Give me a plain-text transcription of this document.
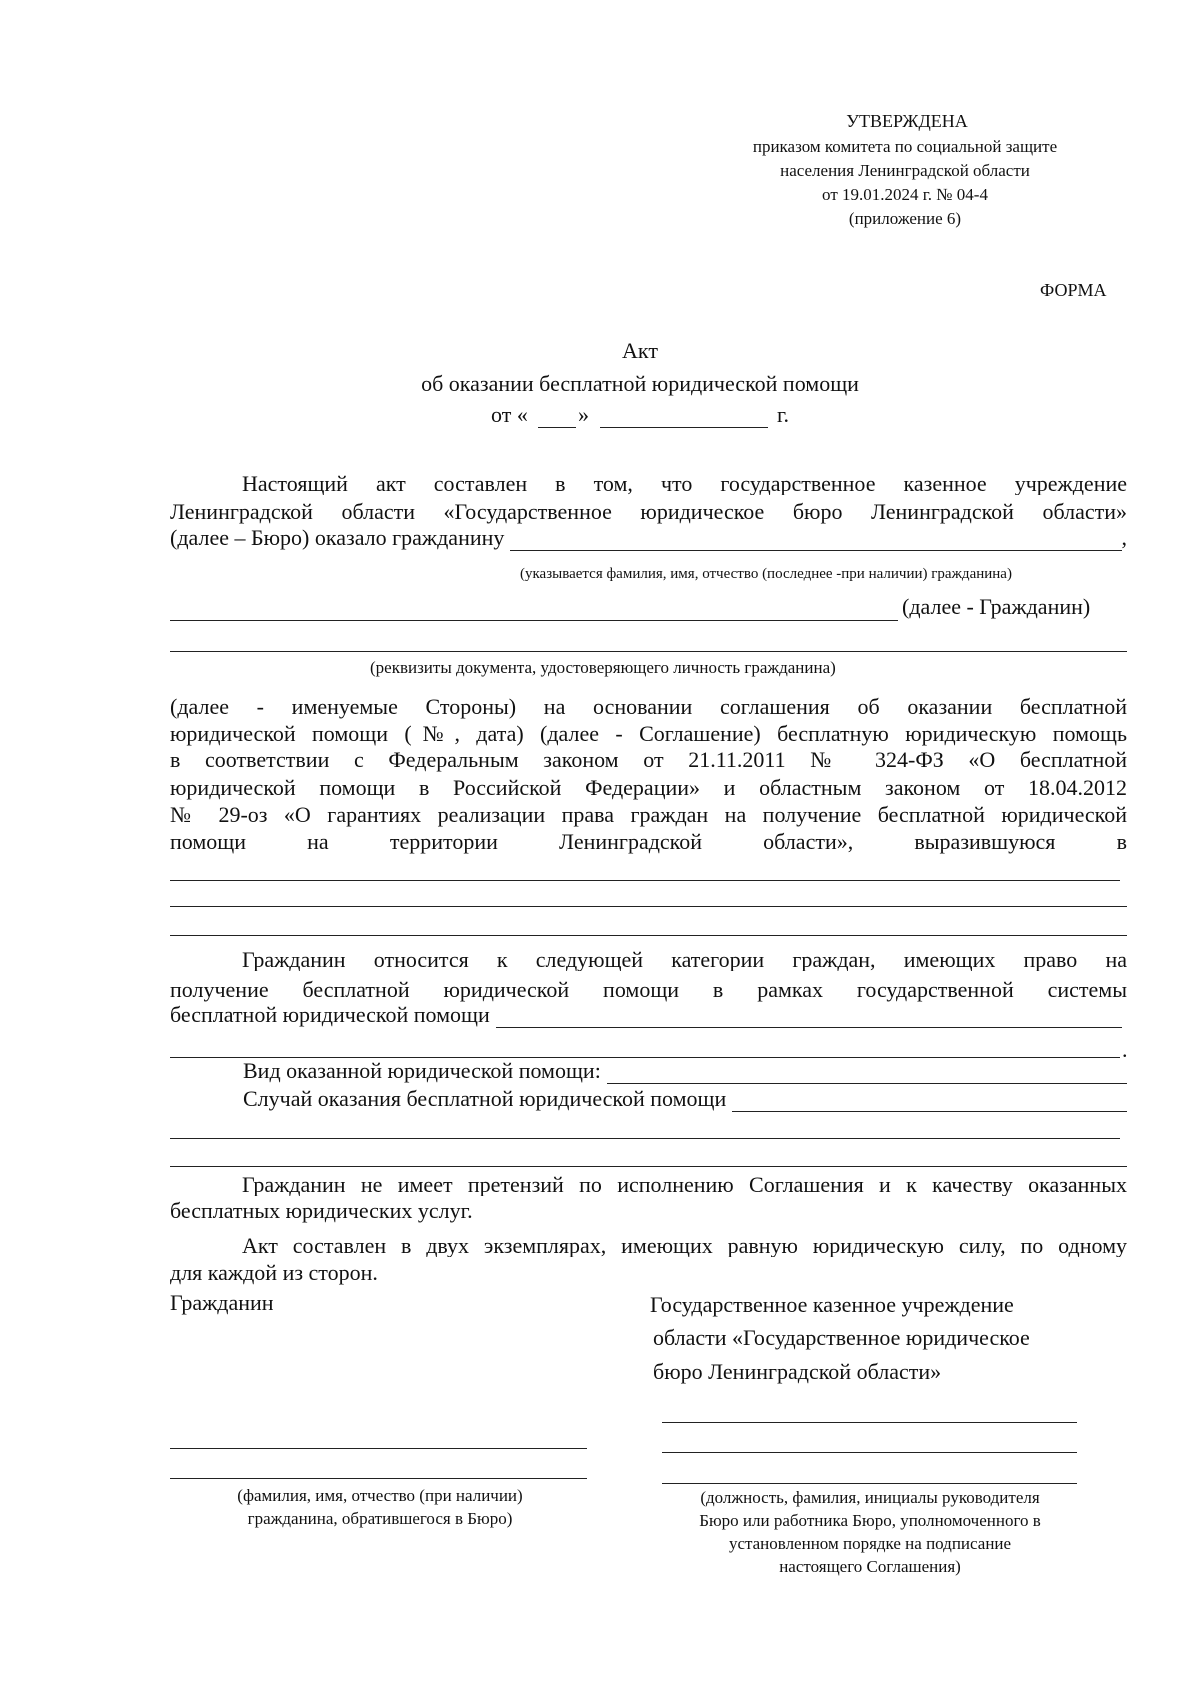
УТВЕРЖДЕНА
приказом комитета по социальной защите
населения Ленинградской области
от 19.01.2024 г. № 04-4
(приложение 6)
ФОРМА
Акт
об оказании бесплатной юридической помощи
от « »	г.
Настоящий акт составлен в том, что государственное казенное учреждение
Ленинградской области «Государственное юридическое бюро Ленинградской области»
(далее – Бюро) оказало гражданину	,
(указывается фамилия, имя, отчество (последнее -при наличии) гражданина)
(далее - Гражданин)
(реквизиты документа, удостоверяющего личность гражданина)
(далее - именуемые Стороны) на основании соглашения об оказании бесплатной
юридической помощи (№, дата) (далее - Соглашение) бесплатную юридическую помощь
в соответствии с Федеральным законом от 21.11.2011 № 324-ФЗ «О бесплатной
юридической помощи в Российской Федерации» и областным законом от 18.04.2012
№ 29-оз «О гарантиях реализации права граждан на получение бесплатной юридической
помощи на территории Ленинградской области», выразившуюся в
Гражданин относится к следующей категории граждан, имеющих право на
получение бесплатной юридической помощи в рамках государственной системы
бесплатной юридической помощи
.
Вид оказанной юридической помощи:
Случай оказания бесплатной юридической помощи
Гражданин не имеет претензий по исполнению Соглашения и к качеству оказанных
бесплатных юридических услуг.
Акт составлен в двух экземплярах, имеющих равную юридическую силу, по одному
для каждой из сторон.
Гражданин	Государственное казенное учреждение
области «Государственное юридическое
бюро Ленинградской области»
(фамилия, имя, отчество (при наличии)
гражданина, обратившегося в Бюро)
(должность, фамилия, инициалы руководителя
Бюро или работника Бюро, уполномоченного в
установленном порядке на подписание
настоящего Соглашения)
